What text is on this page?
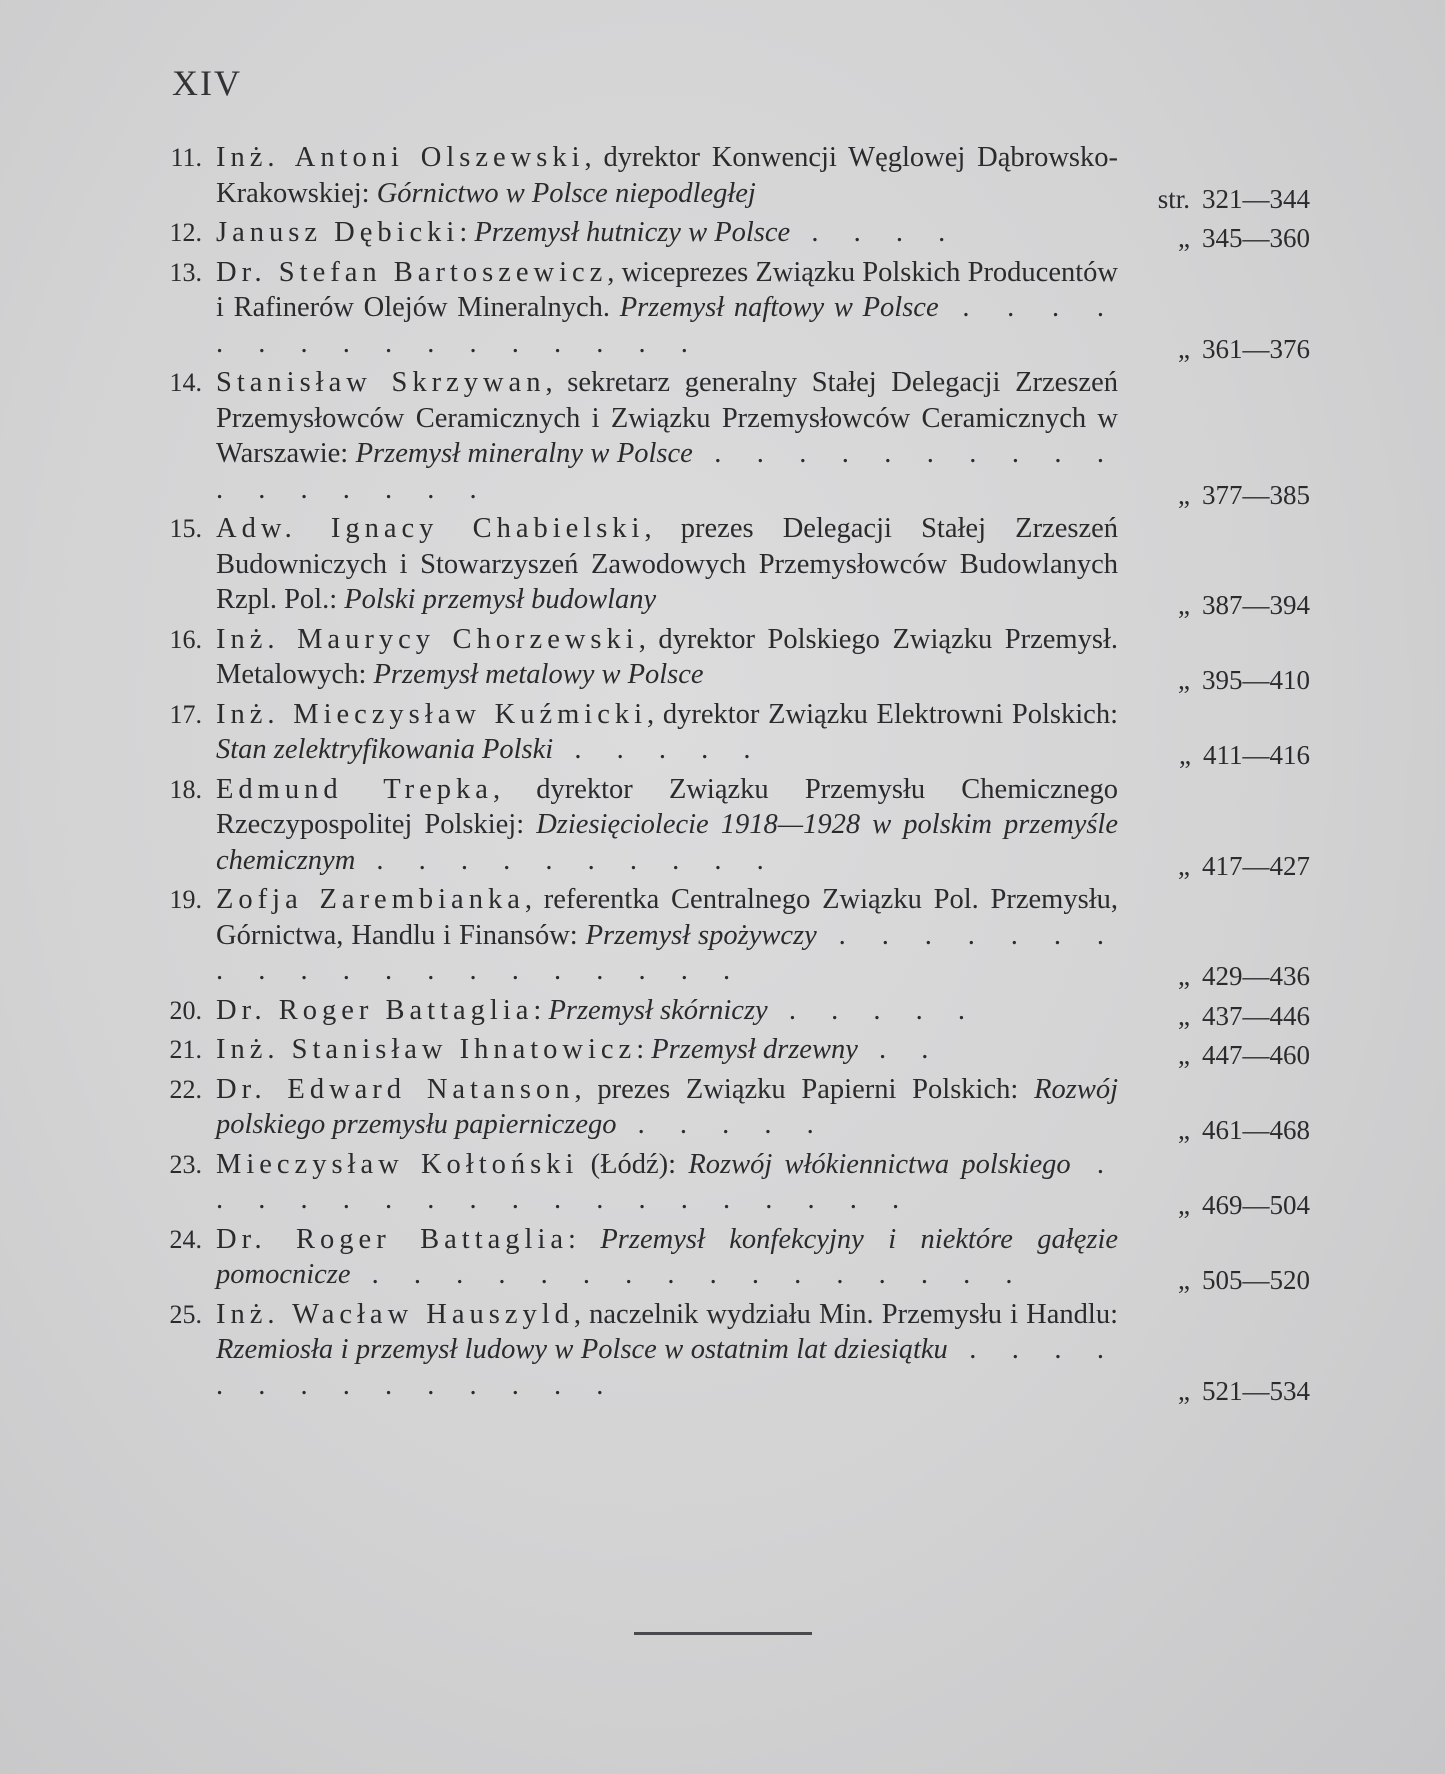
XIV
11. Inż. Antoni Olszewski, dyrektor Konwencji Węglowej Dąbrowsko-Krakowskiej: Górnictwo w Polsce niepodległej	str. 321—344
12. Janusz Dębicki: Przemysł hutniczy w Polsce . . . .	„ 345—360
13. Dr. Stefan Bartoszewicz, wiceprezes Związku Polskich Producentów i Rafinerów Olejów Mineralnych. Przemysł naftowy w Polsce . . . . . . . . . . . . . . . .	„ 361—376
14. Stanisław Skrzywan, sekretarz generalny Stałej Delegacji Zrzeszeń Przemysłowców Ceramicznych i Związku Przemysłowców Ceramicznych w Warszawie: Przemysł mineralny w Polsce . . . . . . . . . . . . . . . . .	„ 377—385
15. Adw. Ignacy Chabielski, prezes Delegacji Stałej Zrzeszeń Budowniczych i Stowarzyszeń Zawodowych Przemysłowców Budowlanych Rzpl. Pol.: Polski przemysł budowlany	„ 387—394
16. Inż. Maurycy Chorzewski, dyrektor Polskiego Związku Przemysł. Metalowych: Przemysł metalowy w Polsce	„ 395—410
17. Inż. Mieczysław Kuźmicki, dyrektor Związku Elektrowni Polskich: Stan zelektryfikowania Polski . . . . .	„ 411—416
18. Edmund Trepka, dyrektor Związku Przemysłu Chemicznego Rzeczypospolitej Polskiej: Dziesięciolecie 1918—1928 w polskim przemyśle chemicznym . . . . . . . . . .	„ 417—427
19. Zofja Zarembianka, referentka Centralnego Związku Pol. Przemysłu, Górnictwa, Handlu i Finansów: Przemysł spożywczy . . . . . . . . . . . . . . . . . . . .	„ 429—436
20. Dr. Roger Battaglia: Przemysł skórniczy . . . . .	„ 437—446
21. Inż. Stanisław Ihnatowicz: Przemysł drzewny . .	„ 447—460
22. Dr. Edward Natanson, prezes Związku Papierni Polskich: Rozwój polskiego przemysłu papierniczego . . . . .	„ 461—468
23. Mieczysław Kołtoński (Łódź): Rozwój włókiennictwa polskiego . . . . . . . . . . . . . . . . . .	„ 469—504
24. Dr. Roger Battaglia: Przemysł konfekcyjny i niektóre gałęzie pomocnicze . . . . . . . . . . . . . . . .	„ 505—520
25. Inż. Wacław Hauszyld, naczelnik wydziału Min. Przemysłu i Handlu: Rzemiosła i przemysł ludowy w Polsce w ostatnim lat dziesiątku . . . . . . . . . . . . . .	„ 521—534
